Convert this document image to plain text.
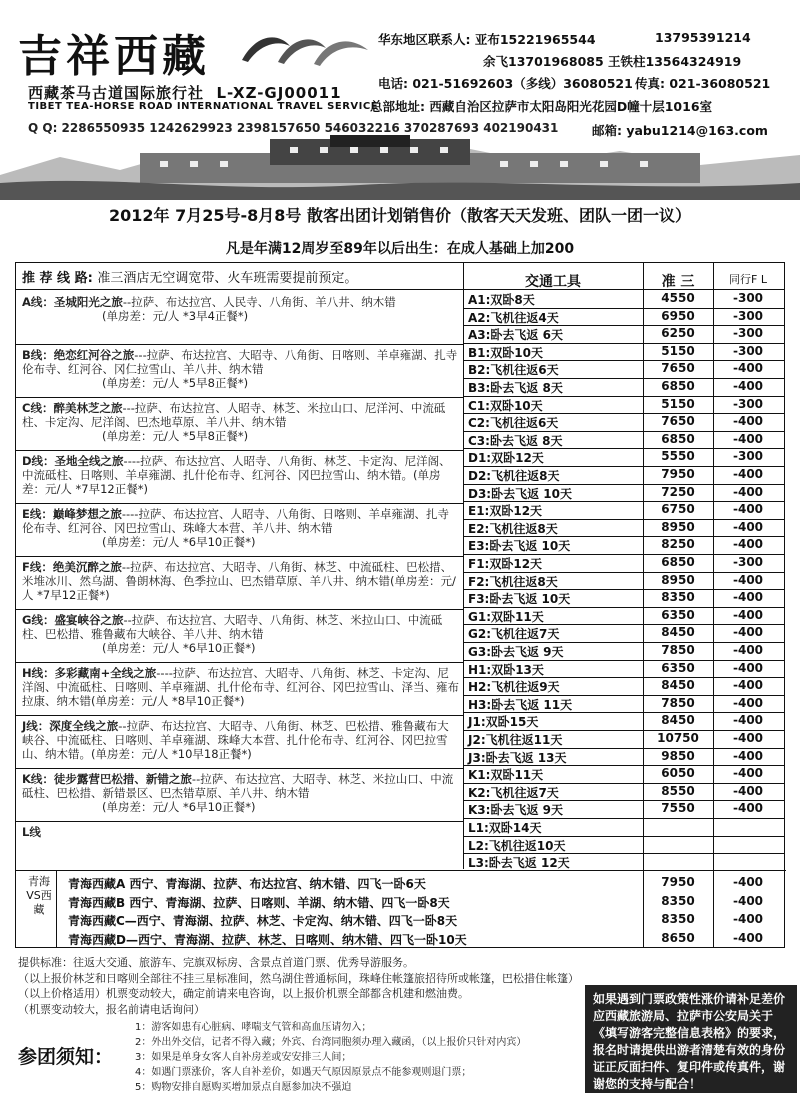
吉祥西藏
西藏茶马古道国际旅行社 L-XZ-GJ00011
TIBET TEA-HORSE ROAD INTERNATIONAL TRAVEL SERVICE
Q Q: 2286550935 1242629923 2398157650 546032216 370287693 402190431
华东地区联系人: 亚布15221965544	13795391214
余飞13701968085 王铁柱13564324919
电话: 021-51692603（多线）36080521 传真: 021-36080521
总部地址: 西藏自治区拉萨市太阳岛阳光花园D幢十层1016室
邮箱: yabu1214@163.com
2012年 7月25号-8月8号 散客出团计划销售价（散客天天发班、团队一团一议）
凡是年满12周岁至89年以后出生：在成人基础上加200
推 荐 线 路: 准三酒店无空调宽带、火车班需要提前预定。	交通工具	准 三	同行F L
A线：圣城阳光之旅--拉萨、布达拉宫、人民寺、八角街、羊八井、纳木错
(单房差：元/人 *3早4正餐*)
B线：绝恋红河谷之旅---拉萨、布达拉宫、大昭寺、八角街、日喀则、羊卓雍湖、扎寺伦布寺、红河谷、冈仁拉雪山、羊八井、纳木错
(单房差：元/人 *5早8正餐*)
C线：醉美林芝之旅---拉萨、布达拉宫、人昭寺、林芝、米拉山口、尼洋河、中流砥柱、卡定沟、尼洋阁、巴杰地草原、羊八井、纳木错
(单房差：元/人 *5早8正餐*)
D线：圣地全线之旅----拉萨、布达拉宫、人昭寺、八角街、林芝、卡定沟、尼洋阁、中流砥柱、日喀则、羊卓雍湖、扎什伦布寺、红河谷、冈巴拉雪山、纳木错。(单房差：元/人 *7早12正餐*)
E线：巅峰梦想之旅----拉萨、布达拉宫、人昭寺、八角街、日喀则、羊卓雍湖、扎寺伦布寺、红河谷、冈巴拉雪山、珠峰大本营、羊八井、纳木错
(单房差：元/人 *6早10正餐*)
F线：绝美沉醉之旅--拉萨、布达拉宫、大昭寺、八角街、林芝、中流砥柱、巴松措、米堆冰川、然乌湖、鲁朗林海、色季拉山、巴杰错草原、羊八井、纳木错(单房差：元/人 *7早12正餐*)
G线：盛宴峡谷之旅--拉萨、布达拉宫、大昭寺、八角街、林芝、米拉山口、中流砥柱、巴松措、雅鲁藏布大峡谷、羊八井、纳木错
(单房差：元/人 *6早10正餐*)
H线：多彩藏南+全线之旅----拉萨、布达拉宫、大昭寺、八角街、林芝、卡定沟、尼洋阁、中流砥柱、日喀则、羊卓雍湖、扎什伦布寺、红河谷、冈巴拉雪山、泽当、雍布拉康、纳木错(单房差：元/人 *8早10正餐*)
J线：深度全线之旅--拉萨、布达拉宫、大昭寺、八角街、林芝、巴松措、雅鲁藏布大峡谷、中流砥柱、日喀则、羊卓雍湖、珠峰大本营、扎什伦布寺、红河谷、冈巴拉雪山、纳木错。(单房差：元/人 *10早18正餐*)
K线：徒步露营巴松措、新错之旅--拉萨、布达拉宫、大昭寺、林芝、米拉山口、中流砥柱、巴松措、新错景区、巴杰错草原、羊八井、纳木错
(单房差：元/人 *6早10正餐*)
L线
A1:双卧8天	4550	-300
A2:飞机往返4天	6950	-300
A3:卧去飞返 6天	6250	-300
B1:双卧10天	5150	-300
B2:飞机往返6天	7650	-400
B3:卧去飞返 8天	6850	-400
C1:双卧10天	5150	-300
C2:飞机往返6天	7650	-400
C3:卧去飞返 8天	6850	-400
D1:双卧12天	5550	-300
D2:飞机往返8天	7950	-400
D3:卧去飞返 10天	7250	-400
E1:双卧12天	6750	-400
E2:飞机往返8天	8950	-400
E3:卧去飞返 10天	8250	-400
F1:双卧12天	6850	-300
F2:飞机往返8天	8950	-400
F3:卧去飞返 10天	8350	-400
G1:双卧11天	6350	-400
G2:飞机往返7天	8450	-400
G3:卧去飞返 9天	7850	-400
H1:双卧13天	6350	-400
H2:飞机往返9天	8450	-400
H3:卧去飞返 11天	7850	-400
J1:双卧15天	8450	-400
J2:飞机往返11天	10750	-400
J3:卧去飞返 13天	9850	-400
K1:双卧11天	6050	-400
K2:飞机往返7天	8550	-400
K3:卧去飞返 9天	7550	-400
L1:双卧14天
L2:飞机往返10天
L3:卧去飞返 12天
青海VS西藏
青海西藏A 西宁、青海湖、拉萨、布达拉宫、纳木错、四飞一卧6天	7950	-400
青海西藏B 西宁、青海湖、拉萨、日喀则、羊湖、纳木错、四飞一卧8天	8350	-400
青海西藏C—西宁、青海湖、拉萨、林芝、卡定沟、纳木错、四飞一卧8天	8350	-400
青海西藏D—西宁、青海湖、拉萨、林芝、日喀则、纳木错、四飞一卧10天	8650	-400
提供标准：往返大交通、旅游车、完旗双标房、含景点首道门票、优秀导游服务。
（以上报价林芝和日喀则全部往不挂三星标准间，然乌湖住普通标间，珠峰住帐篷旅招待所或帐篷，巴松措住帐篷）
（以上价格适用）机票变动较大，确定前请来电咨询，以上报价机票全部都含机建和燃油费。
（机票变动较大，报名前请电话询问）
参团须知：
1：游客如患有心脏病、哮喘支气管和高血压请勿入；
2：外出外交信，记者不得入藏；外宾、台湾同胞须办理入藏函，（以上报价只针对内宾）
3：如果是单身女客人自补房差或安安排三人间；
4：如遇门票涨价，客人自补差价，如遇天气原因原景点不能参观则退门票；
5：购物安排自愿购买增加景点自愿参加决不强迫
如果遇到门票政策性涨价请补足差价 应西藏旅游局、拉萨市公安局关于《填写游客完整信息表格》的要求，报名时请提供出游者清楚有效的身份证正反面扫件、复印件或传真件，谢谢您的支持与配合！
